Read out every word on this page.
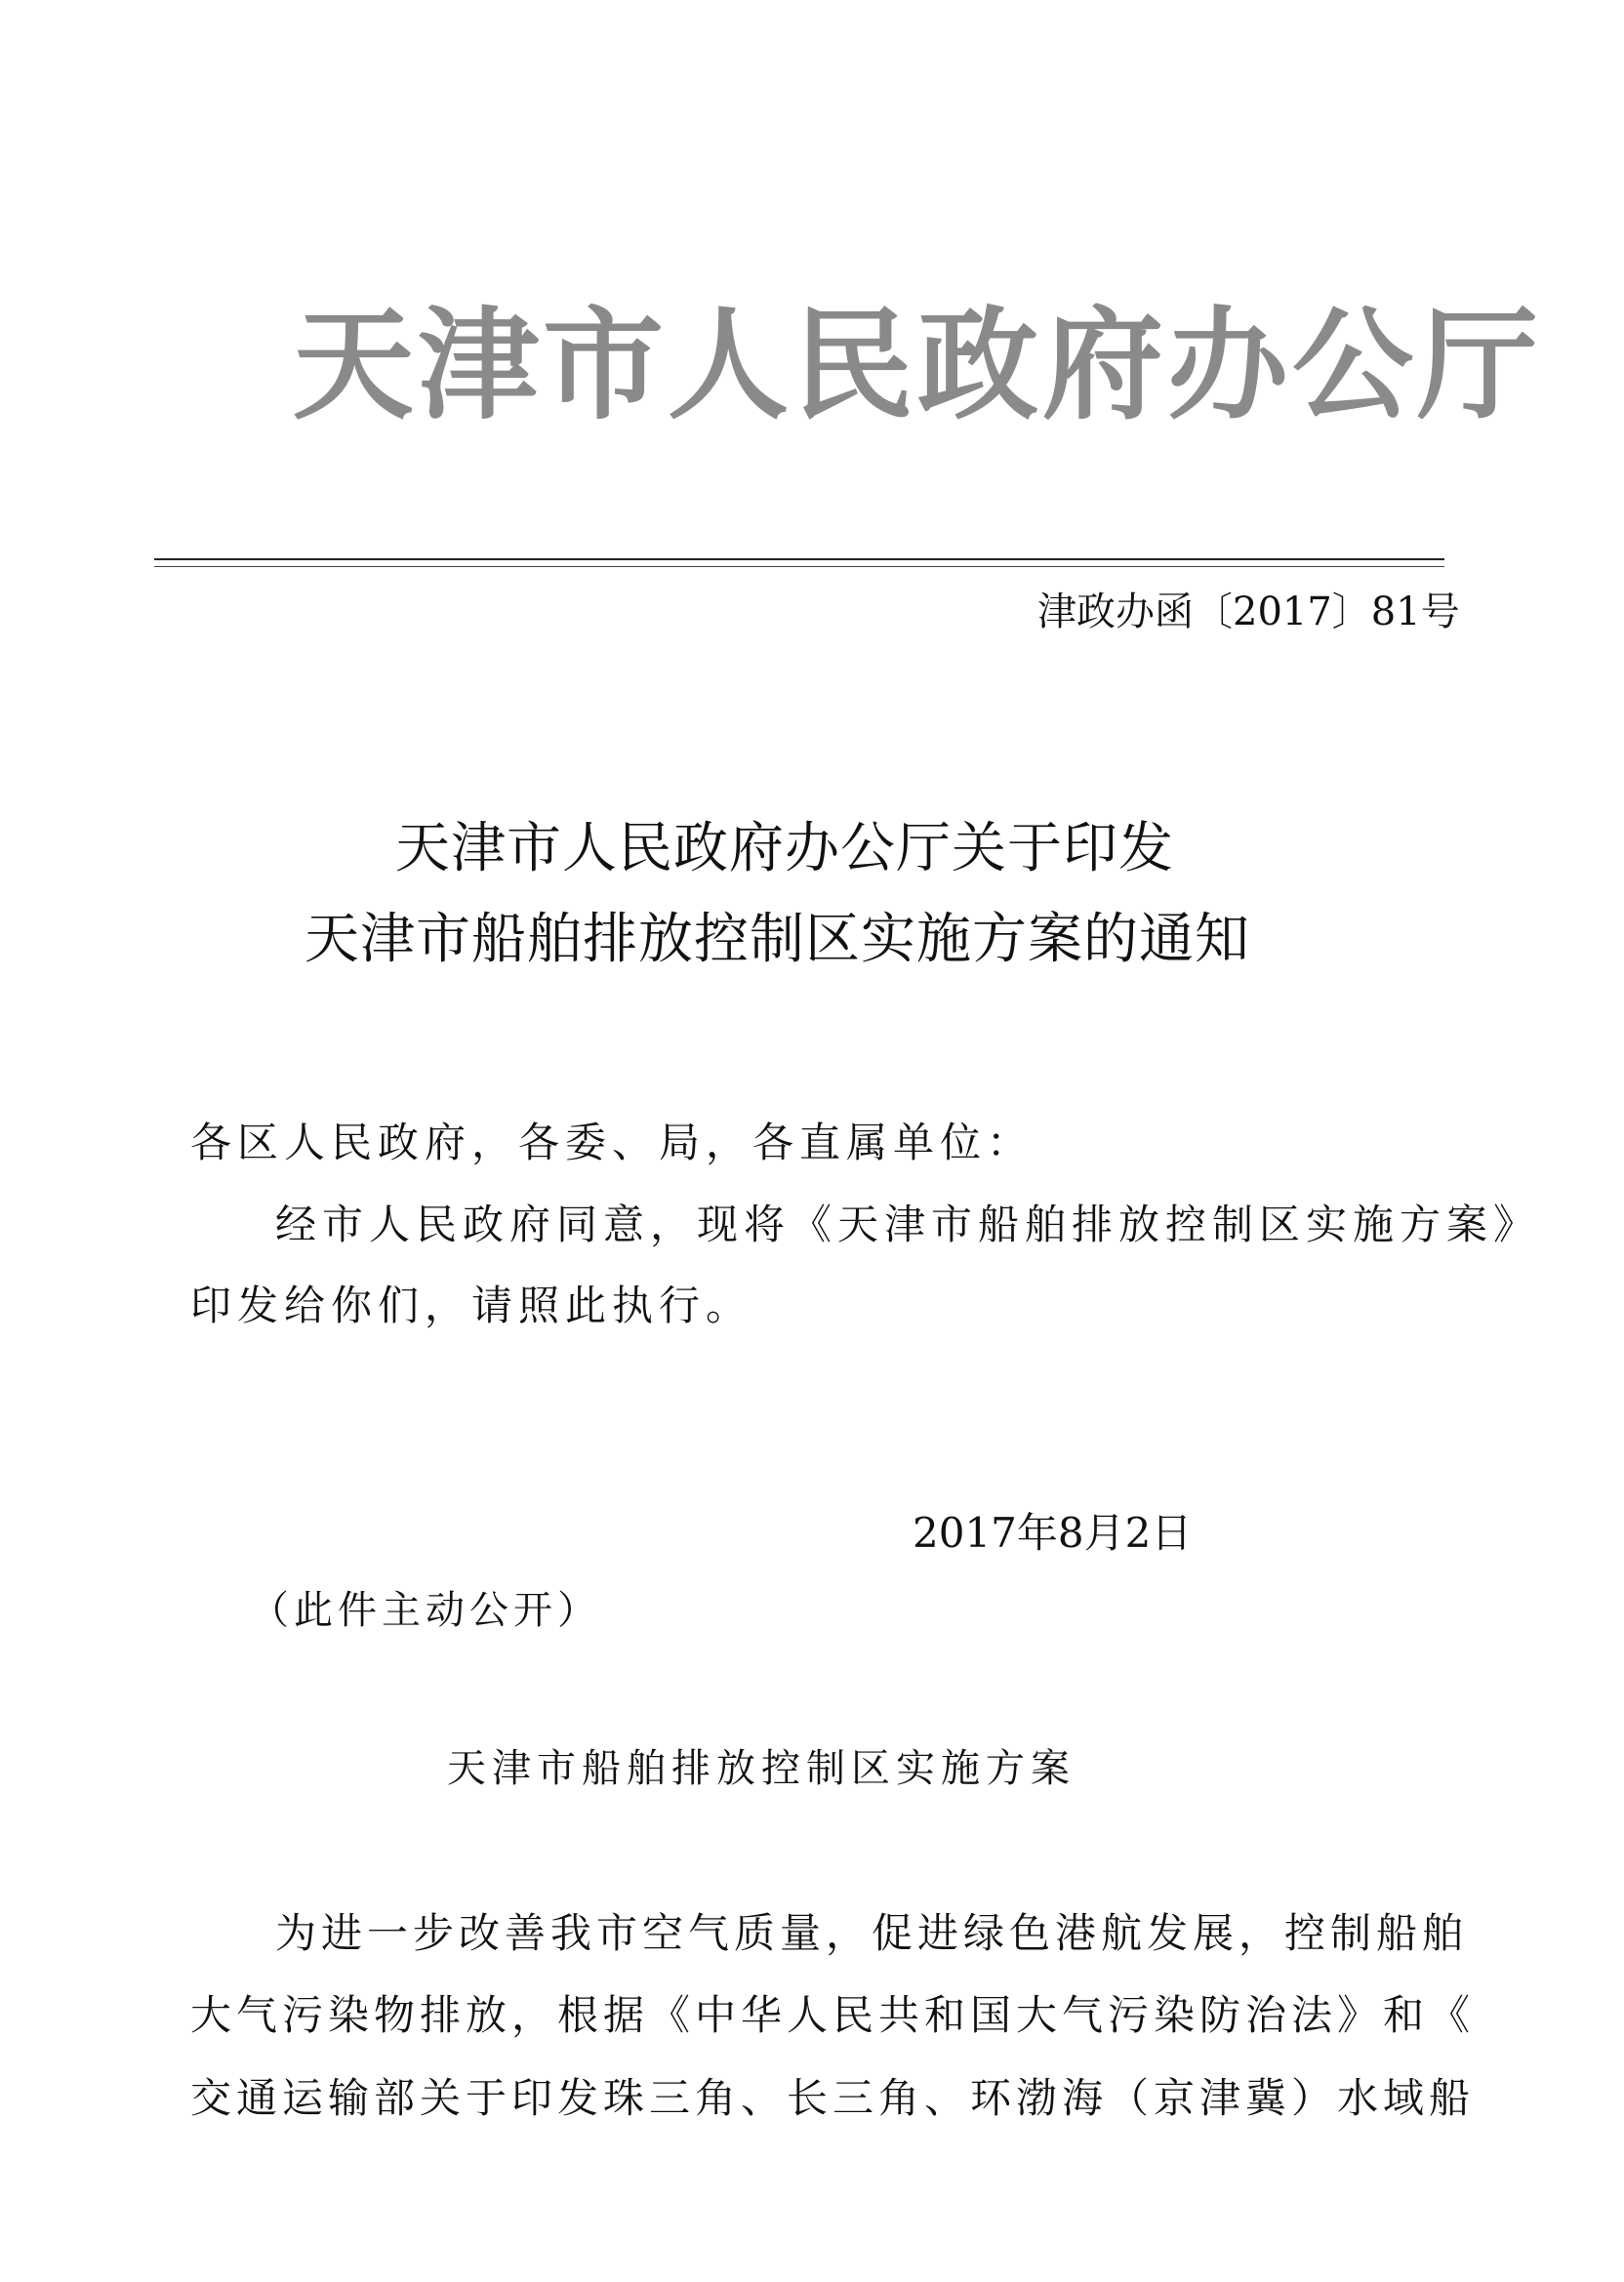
天津市人民政府办公厅
津政办函〔2017〕81号
天津市人民政府办公厅关于印发
天津市船舶排放控制区实施方案的通知
各区人民政府，各委、局，各直属单位：
经市人民政府同意，现将《天津市船舶排放控制区实施方案》
印发给你们，请照此执行。
2017年8月2日
（此件主动公开）
天津市船舶排放控制区实施方案
为进一步改善我市空气质量，促进绿色港航发展，控制船舶
大气污染物排放，根据《中华人民共和国大气污染防治法》和《
交通运输部关于印发珠三角、长三角、环渤海（京津冀）水域船
